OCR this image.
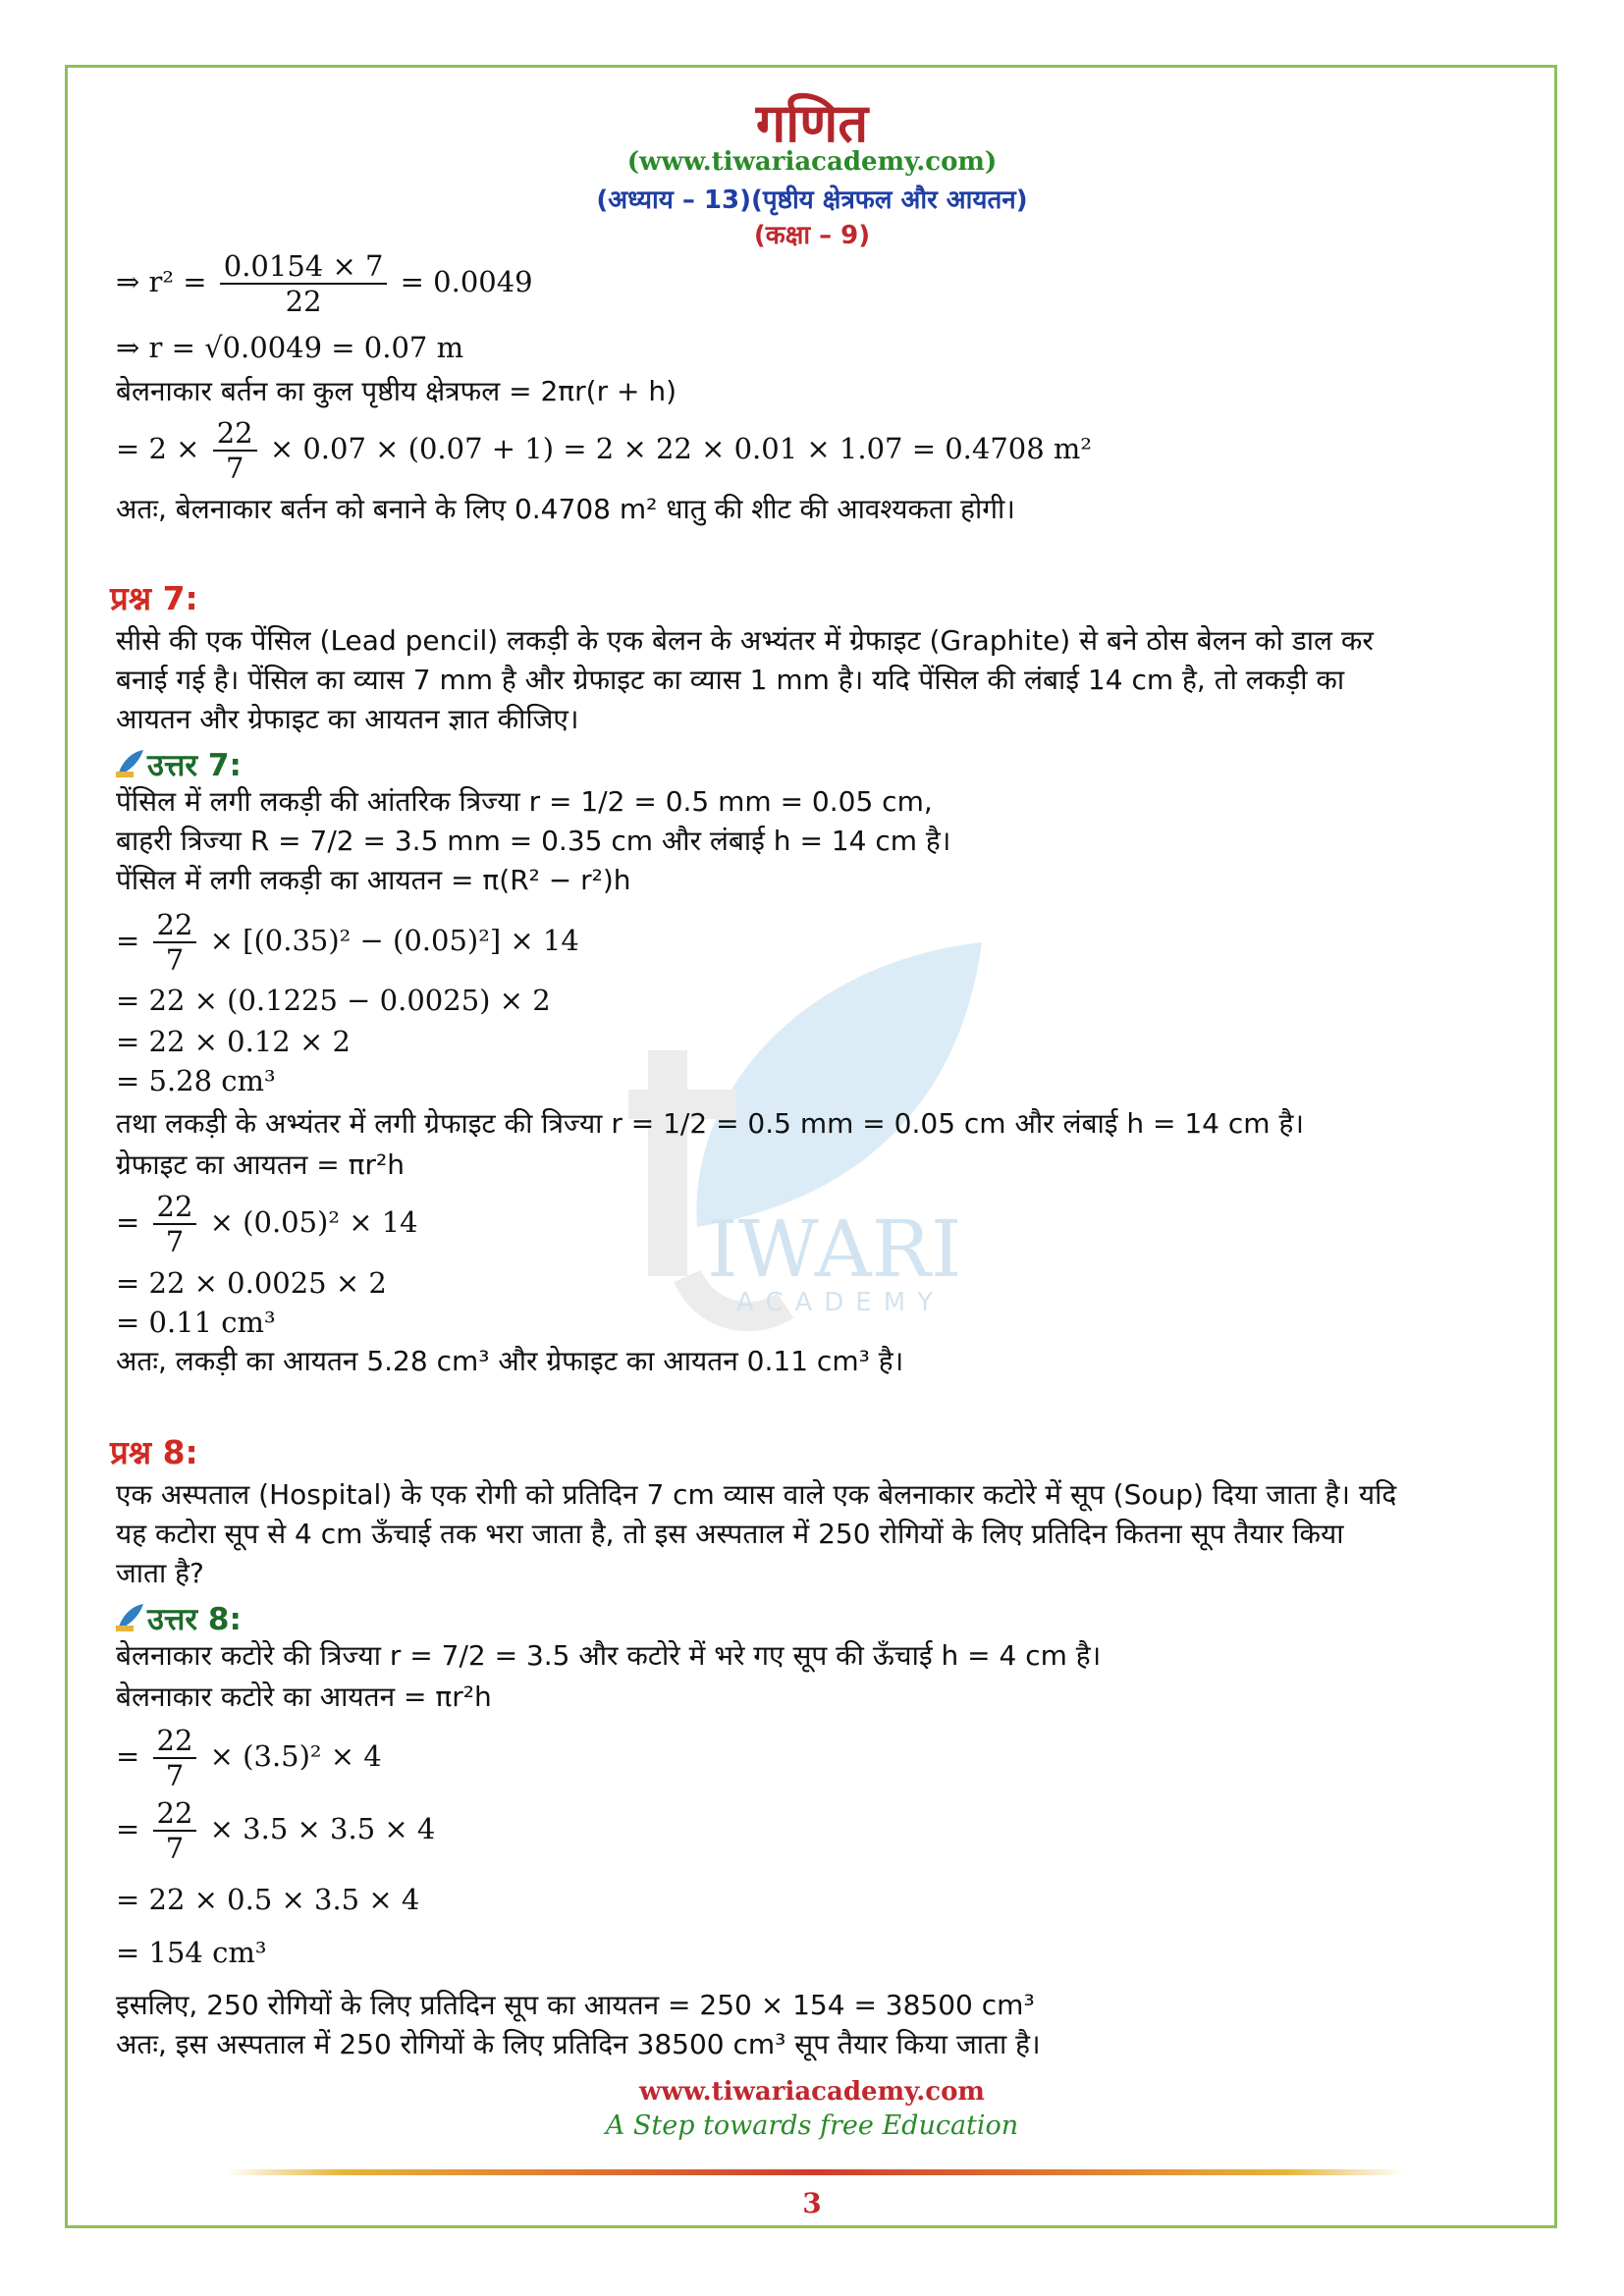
IWARI
ACADEMY
गणित
(www.tiwariacademy.com)
(अध्याय – 13)(पृष्ठीय क्षेत्रफल और आयतन)
(कक्षा – 9)
⇒ $r^2 = \frac{0.0154 \times 7}{22} = 0.0049$
⇒ r = √0.0049 = 0.07 m
बेलनाकार बर्तन का कुल पृष्ठीय क्षेत्रफल = 2πr(r + h)
= $2 \times \frac{22}{7} \times 0.07 \times (0.07 + 1) = 2 \times 22 \times 0.01 \times 1.07 = 0.4708$ m²
अतः, बेलनाकार बर्तन को बनाने के लिए 0.4708 m² धातु की शीट की आवश्यकता होगी।
प्रश्न 7:
सीसे की एक पेंसिल (Lead pencil) लकड़ी के एक बेलन के अभ्यंतर में ग्रेफाइट (Graphite) से बने ठोस बेलन को डाल कर
बनाई गई है। पेंसिल का व्यास 7 mm है और ग्रेफाइट का व्यास 1 mm है। यदि पेंसिल की लंबाई 14 cm है, तो लकड़ी का
आयतन और ग्रेफाइट का आयतन ज्ञात कीजिए।
उत्तर 7:
पेंसिल में लगी लकड़ी की आंतरिक त्रिज्या r = 1/2 = 0.5 mm = 0.05 cm,
बाहरी त्रिज्या R = 7/2 = 3.5 mm = 0.35 cm और लंबाई h = 14 cm है।
पेंसिल में लगी लकड़ी का आयतन = π(R² − r²)h
= $\frac{22}{7} \times [(0.35)^2 - (0.05)^2] \times 14$
= 22 × (0.1225 − 0.0025) × 2
= 22 × 0.12 × 2
= 5.28 cm³
तथा लकड़ी के अभ्यंतर में लगी ग्रेफाइट की त्रिज्या r = 1/2 = 0.5 mm = 0.05 cm और लंबाई h = 14 cm है।
ग्रेफाइट का आयतन = πr²h
= $\frac{22}{7} \times (0.05)^2 \times 14$
= 22 × 0.0025 × 2
= 0.11 cm³
अतः, लकड़ी का आयतन 5.28 cm³ और ग्रेफाइट का आयतन 0.11 cm³ है।
प्रश्न 8:
एक अस्पताल (Hospital) के एक रोगी को प्रतिदिन 7 cm व्यास वाले एक बेलनाकार कटोरे में सूप (Soup) दिया जाता है। यदि
यह कटोरा सूप से 4 cm ऊँचाई तक भरा जाता है, तो इस अस्पताल में 250 रोगियों के लिए प्रतिदिन कितना सूप तैयार किया
जाता है?
उत्तर 8:
बेलनाकार कटोरे की त्रिज्या r = 7/2 = 3.5 और कटोरे में भरे गए सूप की ऊँचाई h = 4 cm है।
बेलनाकार कटोरे का आयतन = πr²h
= $\frac{22}{7} \times (3.5)^2 \times 4$
= $\frac{22}{7} \times 3.5 \times 3.5 \times 4$
= 22 × 0.5 × 3.5 × 4
= 154 cm³
इसलिए, 250 रोगियों के लिए प्रतिदिन सूप का आयतन = 250 × 154 = 38500 cm³
अतः, इस अस्पताल में 250 रोगियों के लिए प्रतिदिन 38500 cm³ सूप तैयार किया जाता है।
www.tiwariacademy.com
A Step towards free Education
3
